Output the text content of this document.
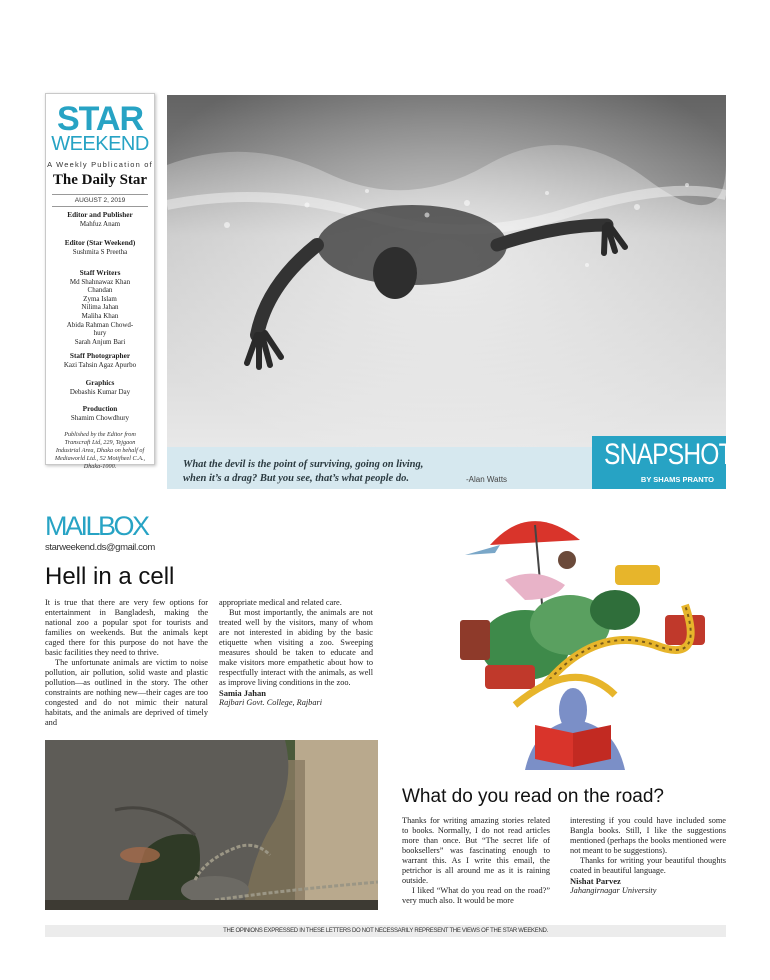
STAR
WEEKEND
A Weekly Publication of
The Daily Star
AUGUST 2, 2019
Editor and Publisher
Mahfuz Anam
Editor (Star Weekend)
Sushmita S Preetha
Staff Writers
Md Shahnawaz Khan
Chandan
Zyma Islam
Nilima Jahan
Maliha Khan
Abida Rahman Chowd-
hury
Sarah Anjum Bari
Staff Photographer
Kazi Tahsin Agaz Apurbo
Graphics
Debashis Kumar Day
Production
Shamim Chowdhury
Published by the Editor from Transcraft Ltd, 229, Tejgaon Industrial Area, Dhaka on behalf of Mediaworld Ltd., 52 Motijheel C.A., Dhaka-1000.	What the devil is the point of surviving, going on living,
when it’s a drag? But you see, that’s what people do.	-Alan Watts
SNAPSHOT
BY SHAMS PRANTO
MAILBOX
starweekend.ds@gmail.com
Hell in a cell

It is true that there are very few options for entertainment in Bangladesh, making the national zoo a popular spot for tourists and families on weekends. But the animals kept caged there for this purpose do not have the basic facilities they need to thrive.

The unfortunate animals are victim to noise pollution, air pollution, solid waste and plastic pollution—as outlined in the story. The other constraints are nothing new—their cages are too congested and do not mimic their natural habitats, and the animals are deprived of timely and

appropriate medical and related care.

But most importantly, the animals are not treated well by the visitors, many of whom are not interested in abiding by the basic etiquette when visiting a zoo. Sweeping measures should be taken to educate and make visitors more empathetic about how to respectfully interact with the animals, as well as improve living conditions in the zoo.

Samia Jahan

Rajbari Govt. College, Rajbari

What do you read on the road?

Thanks for writing amazing stories related to books. Normally, I do not read articles more than once. But “The secret life of booksellers” was fascinating enough to warrant this. As I write this email, the petrichor is all around me as it is raining outside.

I liked “What do you read on the road?” very much also. It would be more

interesting if you could have included some Bangla books. Still, I like the suggestions mentioned (perhaps the books mentioned were not meant to be suggestions).

Thanks for writing your beautiful thoughts coated in beautiful language.

Nishat Parvez

Jahangirnagar University

THE OPINIONS EXPRESSED IN THESE LETTERS DO NOT NECESSARILY REPRESENT THE VIEWS OF THE STAR WEEKEND.
